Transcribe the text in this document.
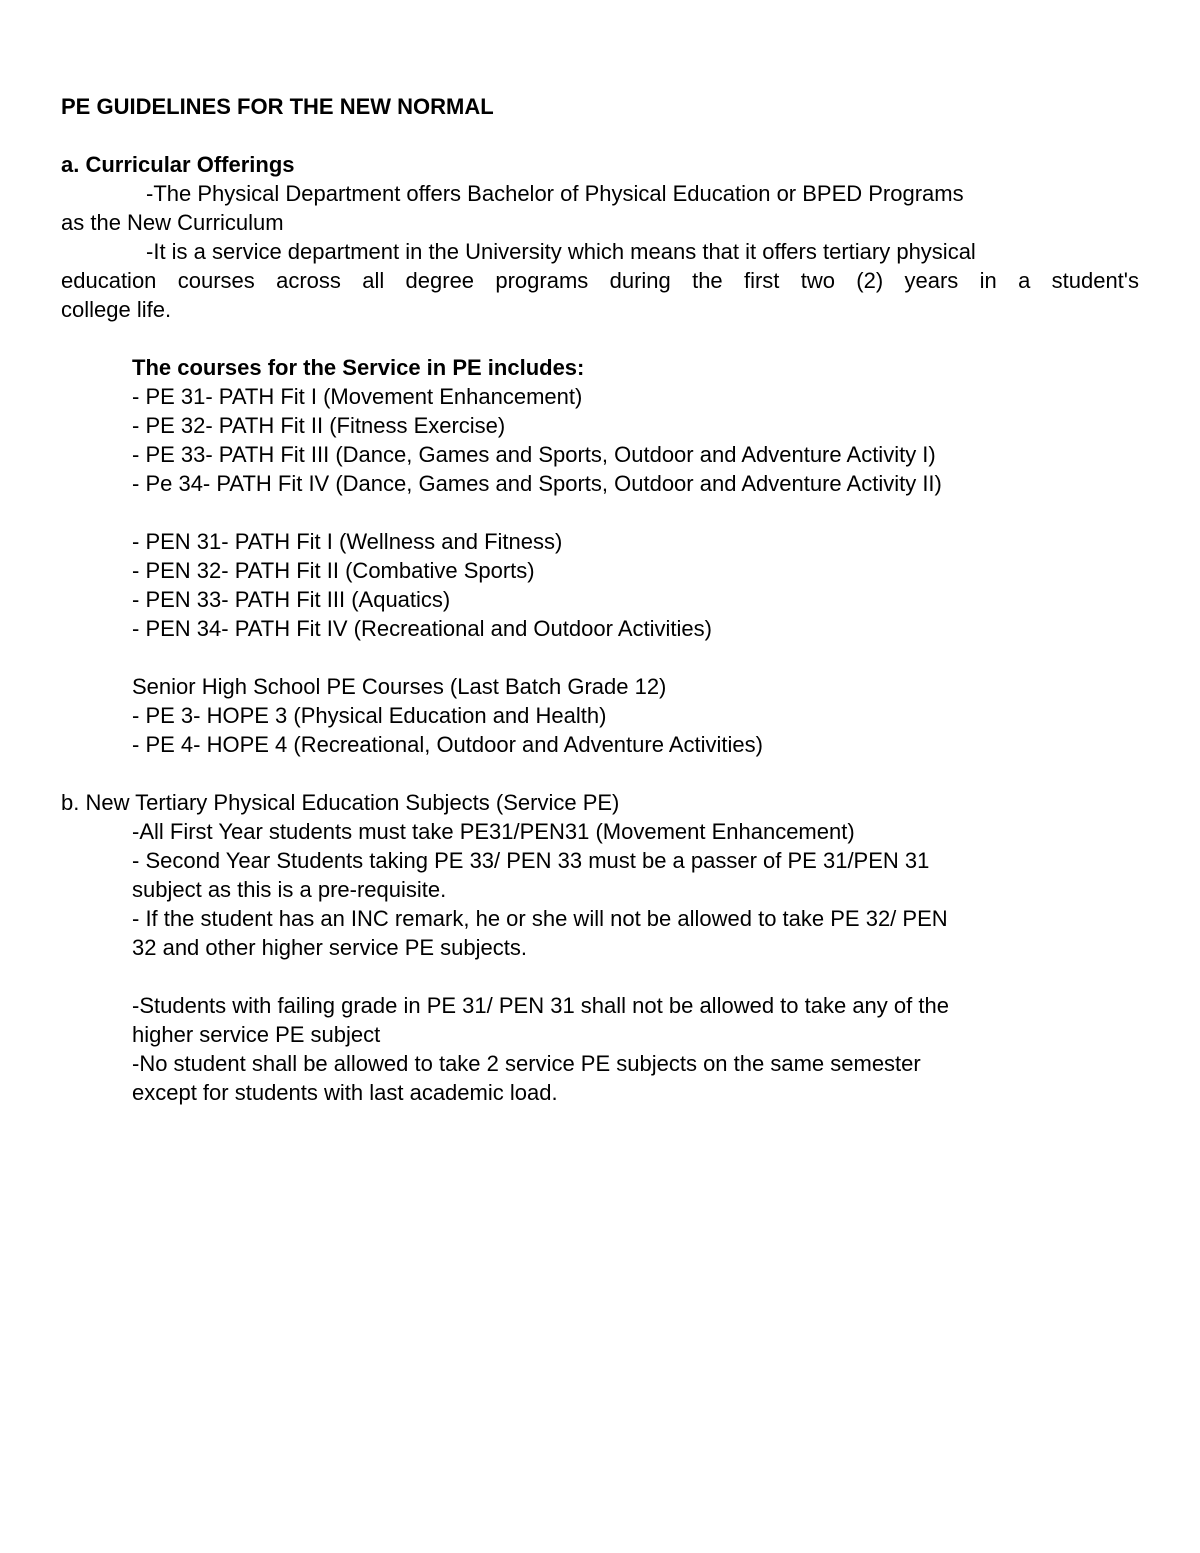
PE GUIDELINES FOR THE NEW NORMAL
a. Curricular Offerings
-The Physical Department offers Bachelor of Physical Education or BPED Programs
as the New Curriculum
-It is a service department in the University which means that it offers tertiary physical
education courses across all degree programs during the first two (2) years in a student's
college life.
The courses for the Service in PE includes:
- PE 31- PATH Fit I (Movement Enhancement)
- PE 32- PATH Fit II (Fitness Exercise)
- PE 33- PATH Fit III (Dance, Games and Sports, Outdoor and Adventure Activity I)
- Pe 34- PATH Fit IV (Dance, Games and Sports, Outdoor and Adventure Activity II)
- PEN 31- PATH Fit I (Wellness and Fitness)
- PEN 32- PATH Fit II (Combative Sports)
- PEN 33- PATH Fit III (Aquatics)
- PEN 34- PATH Fit IV (Recreational and Outdoor Activities)
Senior High School PE Courses (Last Batch Grade 12)
- PE 3- HOPE 3 (Physical Education and Health)
- PE 4- HOPE 4 (Recreational, Outdoor and Adventure Activities)
b. New Tertiary Physical Education Subjects (Service PE)
-All First Year students must take PE31/PEN31 (Movement Enhancement)
- Second Year Students taking PE 33/ PEN 33 must be a passer of PE 31/PEN 31
subject as this is a pre-requisite.
- If the student has an INC remark, he or she will not be allowed to take PE 32/ PEN
32 and other higher service PE subjects.
-Students with failing grade in PE 31/ PEN 31 shall not be allowed to take any of the
higher service PE subject
-No student shall be allowed to take 2 service PE subjects on the same semester
except for students with last academic load.
